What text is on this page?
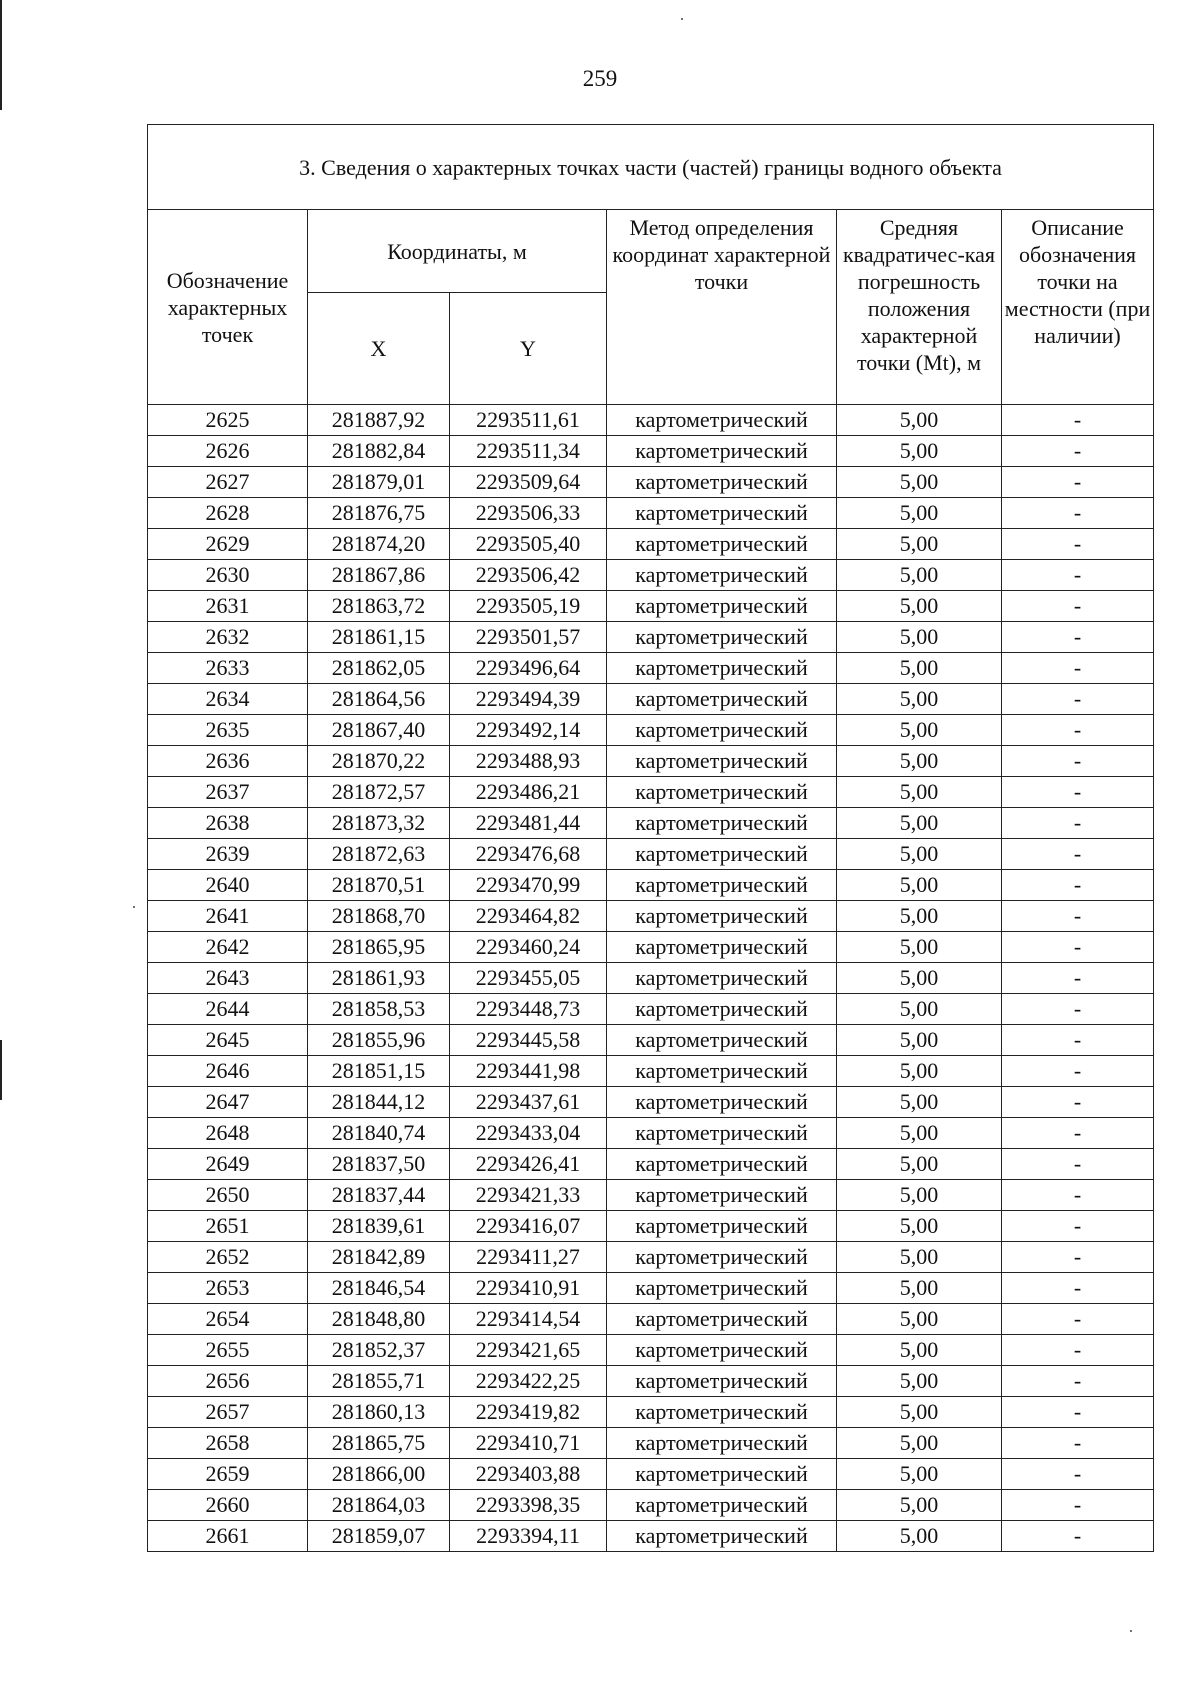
259
3. Сведения о характерных точках части (частей) границы водного объекта					
Обозначение характерных точек	Координаты, м		Метод определения координат характерной точки	Средняя квадратичес-кая погрешность положения характерной точки (Mt), м	Описание обозначения точки на местности (при наличии)
	X	Y			
2625	281887,92	2293511,61	картометрический	5,00	-
2626	281882,84	2293511,34	картометрический	5,00	-
2627	281879,01	2293509,64	картометрический	5,00	-
2628	281876,75	2293506,33	картометрический	5,00	-
2629	281874,20	2293505,40	картометрический	5,00	-
2630	281867,86	2293506,42	картометрический	5,00	-
2631	281863,72	2293505,19	картометрический	5,00	-
2632	281861,15	2293501,57	картометрический	5,00	-
2633	281862,05	2293496,64	картометрический	5,00	-
2634	281864,56	2293494,39	картометрический	5,00	-
2635	281867,40	2293492,14	картометрический	5,00	-
2636	281870,22	2293488,93	картометрический	5,00	-
2637	281872,57	2293486,21	картометрический	5,00	-
2638	281873,32	2293481,44	картометрический	5,00	-
2639	281872,63	2293476,68	картометрический	5,00	-
2640	281870,51	2293470,99	картометрический	5,00	-
2641	281868,70	2293464,82	картометрический	5,00	-
2642	281865,95	2293460,24	картометрический	5,00	-
2643	281861,93	2293455,05	картометрический	5,00	-
2644	281858,53	2293448,73	картометрический	5,00	-
2645	281855,96	2293445,58	картометрический	5,00	-
2646	281851,15	2293441,98	картометрический	5,00	-
2647	281844,12	2293437,61	картометрический	5,00	-
2648	281840,74	2293433,04	картометрический	5,00	-
2649	281837,50	2293426,41	картометрический	5,00	-
2650	281837,44	2293421,33	картометрический	5,00	-
2651	281839,61	2293416,07	картометрический	5,00	-
2652	281842,89	2293411,27	картометрический	5,00	-
2653	281846,54	2293410,91	картометрический	5,00	-
2654	281848,80	2293414,54	картометрический	5,00	-
2655	281852,37	2293421,65	картометрический	5,00	-
2656	281855,71	2293422,25	картометрический	5,00	-
2657	281860,13	2293419,82	картометрический	5,00	-
2658	281865,75	2293410,71	картометрический	5,00	-
2659	281866,00	2293403,88	картометрический	5,00	-
2660	281864,03	2293398,35	картометрический	5,00	-
2661	281859,07	2293394,11	картометрический	5,00	-
